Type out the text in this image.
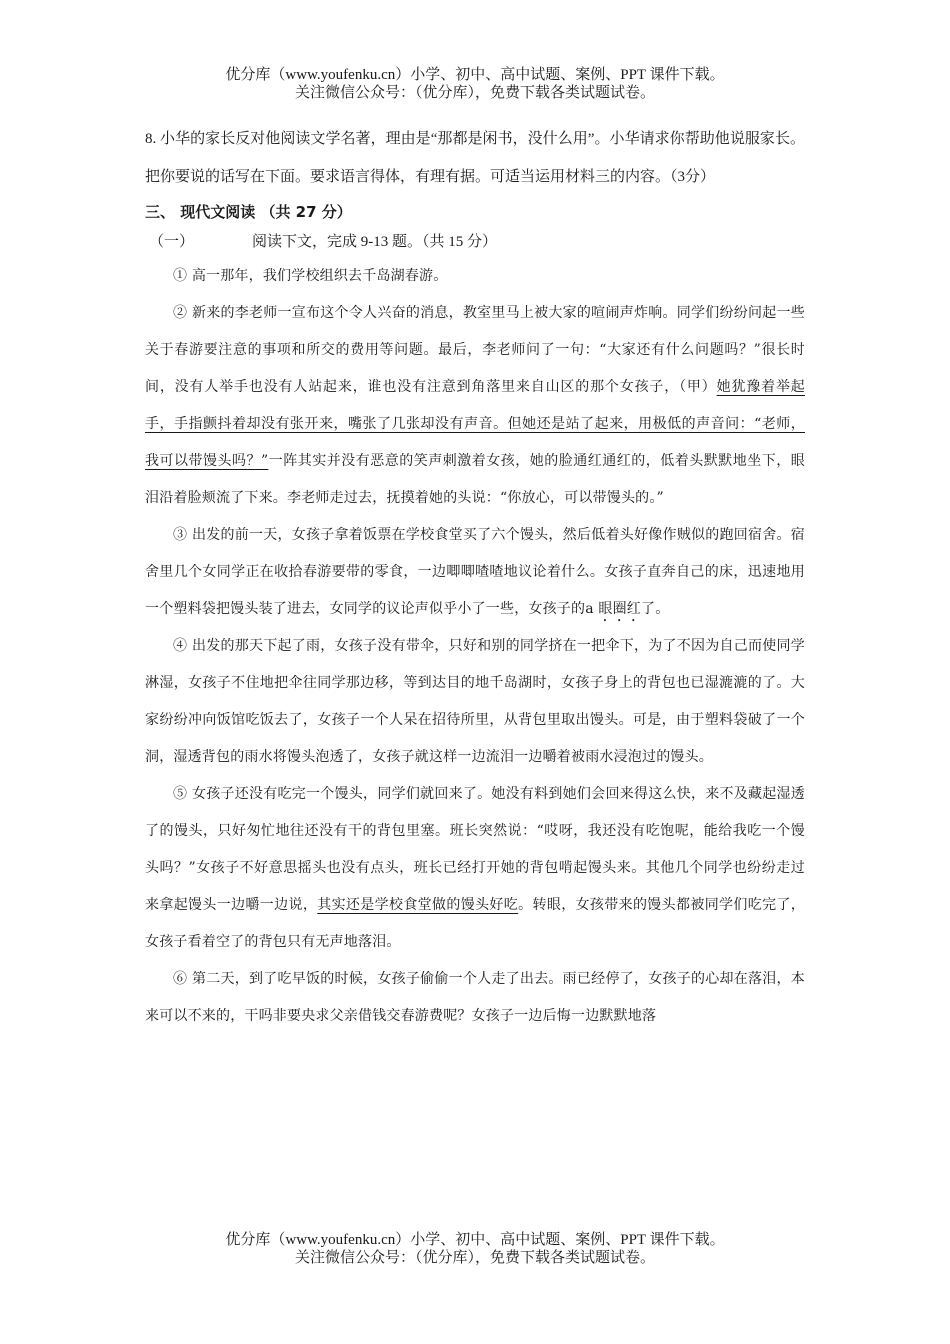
优分库（www.youfenku.cn）小学、初中、高中试题、案例、PPT 课件下载。
关注微信公众号：（优分库），免费下载各类试题试卷。

8. 小华的家长反对他阅读文学名著，理由是“那都是闲书，没什么用”。小华请求你帮助他说服家长。把你要说的话写在下面。要求语言得体，有理有据。可适当运用材料三的内容。（3分）

三、 现代文阅读 （共 27 分）
（一）	阅读下文，完成 9-13 题。（共 15 分）

① 高一那年，我们学校组织去千岛湖春游。

② 新来的李老师一宣布这个令人兴奋的消息，教室里马上被大家的喧闹声炸响。同学们纷纷问起一些关于春游要注意的事项和所交的费用等问题。最后，李老师问了一句：“大家还有什么问题吗？”很长时间，没有人举手也没有人站起来，谁也没有注意到角落里来自山区的那个女孩子，（甲）她犹豫着举起手，手指颤抖着却没有张开来，嘴张了几张却没有声音。但她还是站了起来，用极低的声音问：“老师，我可以带馒头吗？”一阵其实并没有恶意的笑声刺激着女孩，她的脸通红通红的，低着头默默地坐下，眼泪沿着脸颊流了下来。李老师走过去，抚摸着她的头说：“你放心，可以带馒头的。”

③ 出发的前一天，女孩子拿着饭票在学校食堂买了六个馒头，然后低着头好像作贼似的跑回宿舍。宿舍里几个女同学正在收拾春游要带的零食，一边唧唧喳喳地议论着什么。女孩子直奔自己的床，迅速地用一个塑料袋把馒头装了进去，女同学的议论声似乎小了一些，女孩子的a 眼圈红了。

④ 出发的那天下起了雨，女孩子没有带伞，只好和别的同学挤在一把伞下，为了不因为自己而使同学淋湿，女孩子不住地把伞往同学那边移，等到达目的地千岛湖时，女孩子身上的背包也已湿漉漉的了。大家纷纷冲向饭馆吃饭去了，女孩子一个人呆在招待所里，从背包里取出馒头。可是，由于塑料袋破了一个洞，湿透背包的雨水将馒头泡透了，女孩子就这样一边流泪一边嚼着被雨水浸泡过的馒头。

⑤ 女孩子还没有吃完一个馒头，同学们就回来了。她没有料到她们会回来得这么快，来不及藏起湿透了的馒头，只好匆忙地往还没有干的背包里塞。班长突然说：“哎呀，我还没有吃饱呢，能给我吃一个馒头吗？”女孩子不好意思摇头也没有点头，班长已经打开她的背包啃起馒头来。其他几个同学也纷纷走过来拿起馒头一边嚼一边说，其实还是学校食堂做的馒头好吃。转眼，女孩带来的馒头都被同学们吃完了，女孩子看着空了的背包只有无声地落泪。

⑥ 第二天，到了吃早饭的时候，女孩子偷偷一个人走了出去。雨已经停了，女孩子的心却在落泪，本来可以不来的，干吗非要央求父亲借钱交春游费呢？女孩子一边后悔一边默默地落

优分库（www.youfenku.cn）小学、初中、高中试题、案例、PPT 课件下载。
关注微信公众号：（优分库），免费下载各类试题试卷。
